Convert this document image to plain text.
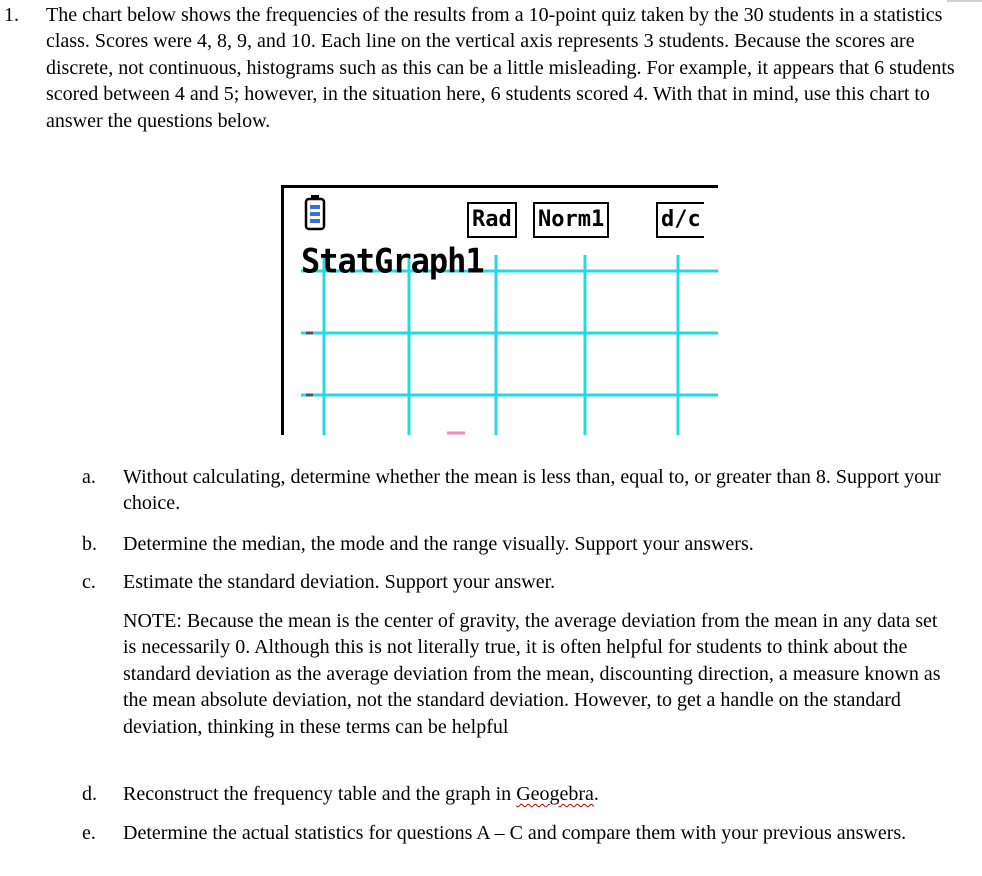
1. The chart below shows the frequencies of the results from a 10-point quiz taken by the 30 students in a statistics class. Scores were 4, 8, 9, and 10. Each line on the vertical axis represents 3 students. Because the scores are discrete, not continuous, histograms such as this can be a little misleading. For example, it appears that 6 students scored between 4 and 5; however, in the situation here, 6 students scored 4. With that in mind, use this chart to answer the questions below.
Rad Norm1	d/c
StatGraph1
a. Without calculating, determine whether the mean is less than, equal to, or greater than 8. Support your choice.
b. Determine the median, the mode and the range visually. Support your answers.
c. Estimate the standard deviation. Support your answer.
NOTE: Because the mean is the center of gravity, the average deviation from the mean in any data set is necessarily 0. Although this is not literally true, it is often helpful for students to think about the standard deviation as the average deviation from the mean, discounting direction, a measure known as the mean absolute deviation, not the standard deviation. However, to get a handle on the standard deviation, thinking in these terms can be helpful
d. Reconstruct the frequency table and the graph in Geogebra.
e. Determine the actual statistics for questions A – C and compare them with your previous answers.
